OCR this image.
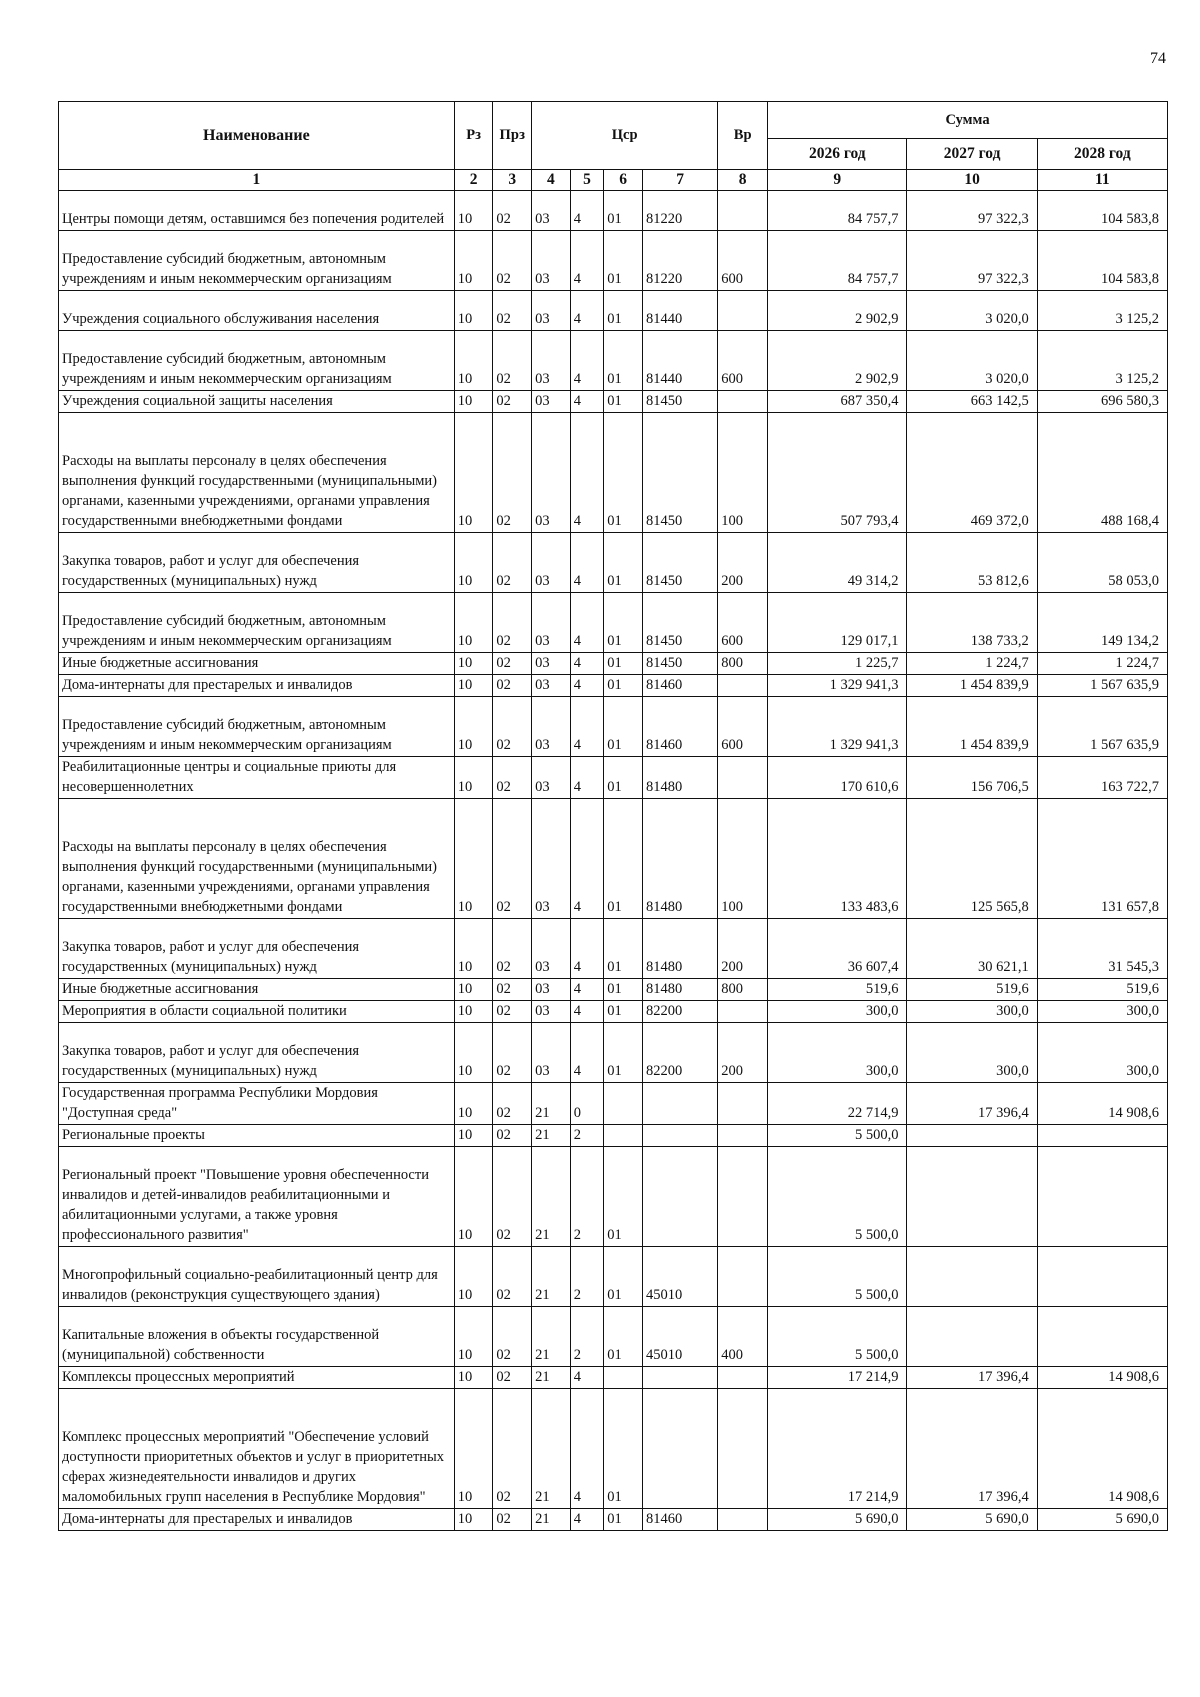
74
Наименование	Рз	Прз	Цср				Вр	Сумма		
								2026 год	2027 год	2028 год
1	2	3	4	5	6	7	8	9	10	11
Центры помощи детям, оставшимся без попечения родителей	10	02	03	4	01	81220		84 757,7	97 322,3	104 583,8
Предоставление субсидий бюджетным, автономным учреждениям и иным некоммерческим организациям	10	02	03	4	01	81220	600	84 757,7	97 322,3	104 583,8
Учреждения социального обслуживания населения	10	02	03	4	01	81440		2 902,9	3 020,0	3 125,2
Предоставление субсидий бюджетным, автономным учреждениям и иным некоммерческим организациям	10	02	03	4	01	81440	600	2 902,9	3 020,0	3 125,2
Учреждения социальной защиты населения	10	02	03	4	01	81450		687 350,4	663 142,5	696 580,3
Расходы на выплаты персоналу в целях обеспечения выполнения функций государственными (муниципальными) органами, казенными учреждениями, органами управления государственными внебюджетными фондами	10	02	03	4	01	81450	100	507 793,4	469 372,0	488 168,4
Закупка товаров, работ и услуг для обеспечения государственных (муниципальных) нужд	10	02	03	4	01	81450	200	49 314,2	53 812,6	58 053,0
Предоставление субсидий бюджетным, автономным учреждениям и иным некоммерческим организациям	10	02	03	4	01	81450	600	129 017,1	138 733,2	149 134,2
Иные бюджетные ассигнования	10	02	03	4	01	81450	800	1 225,7	1 224,7	1 224,7
Дома-интернаты для престарелых и инвалидов	10	02	03	4	01	81460		1 329 941,3	1 454 839,9	1 567 635,9
Предоставление субсидий бюджетным, автономным учреждениям и иным некоммерческим организациям	10	02	03	4	01	81460	600	1 329 941,3	1 454 839,9	1 567 635,9
Реабилитационные центры и социальные приюты для несовершеннолетних	10	02	03	4	01	81480		170 610,6	156 706,5	163 722,7
Расходы на выплаты персоналу в целях обеспечения выполнения функций государственными (муниципальными) органами, казенными учреждениями, органами управления государственными внебюджетными фондами	10	02	03	4	01	81480	100	133 483,6	125 565,8	131 657,8
Закупка товаров, работ и услуг для обеспечения государственных (муниципальных) нужд	10	02	03	4	01	81480	200	36 607,4	30 621,1	31 545,3
Иные бюджетные ассигнования	10	02	03	4	01	81480	800	519,6	519,6	519,6
Мероприятия в области социальной политики	10	02	03	4	01	82200		300,0	300,0	300,0
Закупка товаров, работ и услуг для обеспечения государственных (муниципальных) нужд	10	02	03	4	01	82200	200	300,0	300,0	300,0
Государственная программа Республики Мордовия "Доступная среда"	10	02	21	0				22 714,9	17 396,4	14 908,6
Региональные проекты	10	02	21	2				5 500,0		
Региональный проект "Повышение уровня обеспеченности инвалидов и детей-инвалидов реабилитационными и абилитационными услугами, а также уровня профессионального развития"	10	02	21	2	01			5 500,0		
Многопрофильный социально-реабилитационный центр для инвалидов (реконструкция существующего здания)	10	02	21	2	01	45010		5 500,0		
Капитальные вложения в объекты государственной (муниципальной) собственности	10	02	21	2	01	45010	400	5 500,0		
Комплексы процессных мероприятий	10	02	21	4				17 214,9	17 396,4	14 908,6
Комплекс процессных мероприятий "Обеспечение условий доступности приоритетных объектов и услуг в приоритетных сферах жизнедеятельности инвалидов и других маломобильных групп населения в Республике Мордовия"	10	02	21	4	01			17 214,9	17 396,4	14 908,6
Дома-интернаты для престарелых и инвалидов	10	02	21	4	01	81460		5 690,0	5 690,0	5 690,0
